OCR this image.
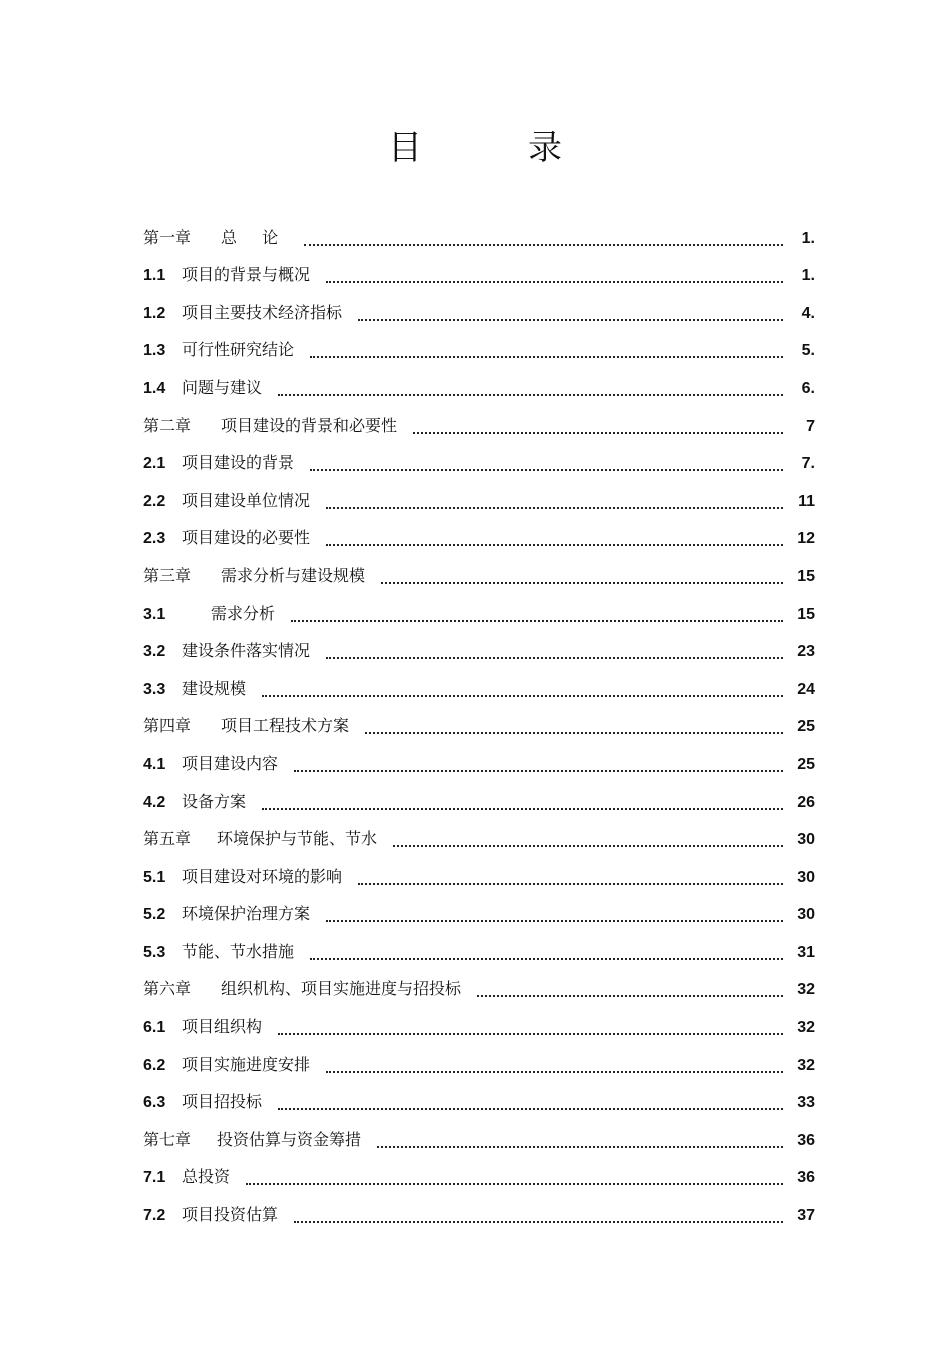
目　录
第一章	总 论	1.
1.1	项目的背景与概况	1.
1.2	项目主要技术经济指标	4.
1.3	可行性研究结论	5.
1.4	问题与建议	6.
第二章	项目建设的背景和必要性	7
2.1	项目建设的背景	7.
2.2	项目建设单位情况	11
2.3	项目建设的必要性	12
第三章	需求分析与建设规模	15
3.1	需求分析	15
3.2	建设条件落实情况	23
3.3	建设规模	24
第四章	项目工程技术方案	25
4.1	项目建设内容	25
4.2	设备方案	26
第五章	环境保护与节能、节水	30
5.1	项目建设对环境的影响	30
5.2	环境保护治理方案	30
5.3	节能、节水措施	31
第六章	组织机构、项目实施进度与招投标	32
6.1	项目组织构	32
6.2	项目实施进度安排	32
6.3	项目招投标	33
第七章	投资估算与资金筹措	36
7.1	总投资	36
7.2	项目投资估算	37
